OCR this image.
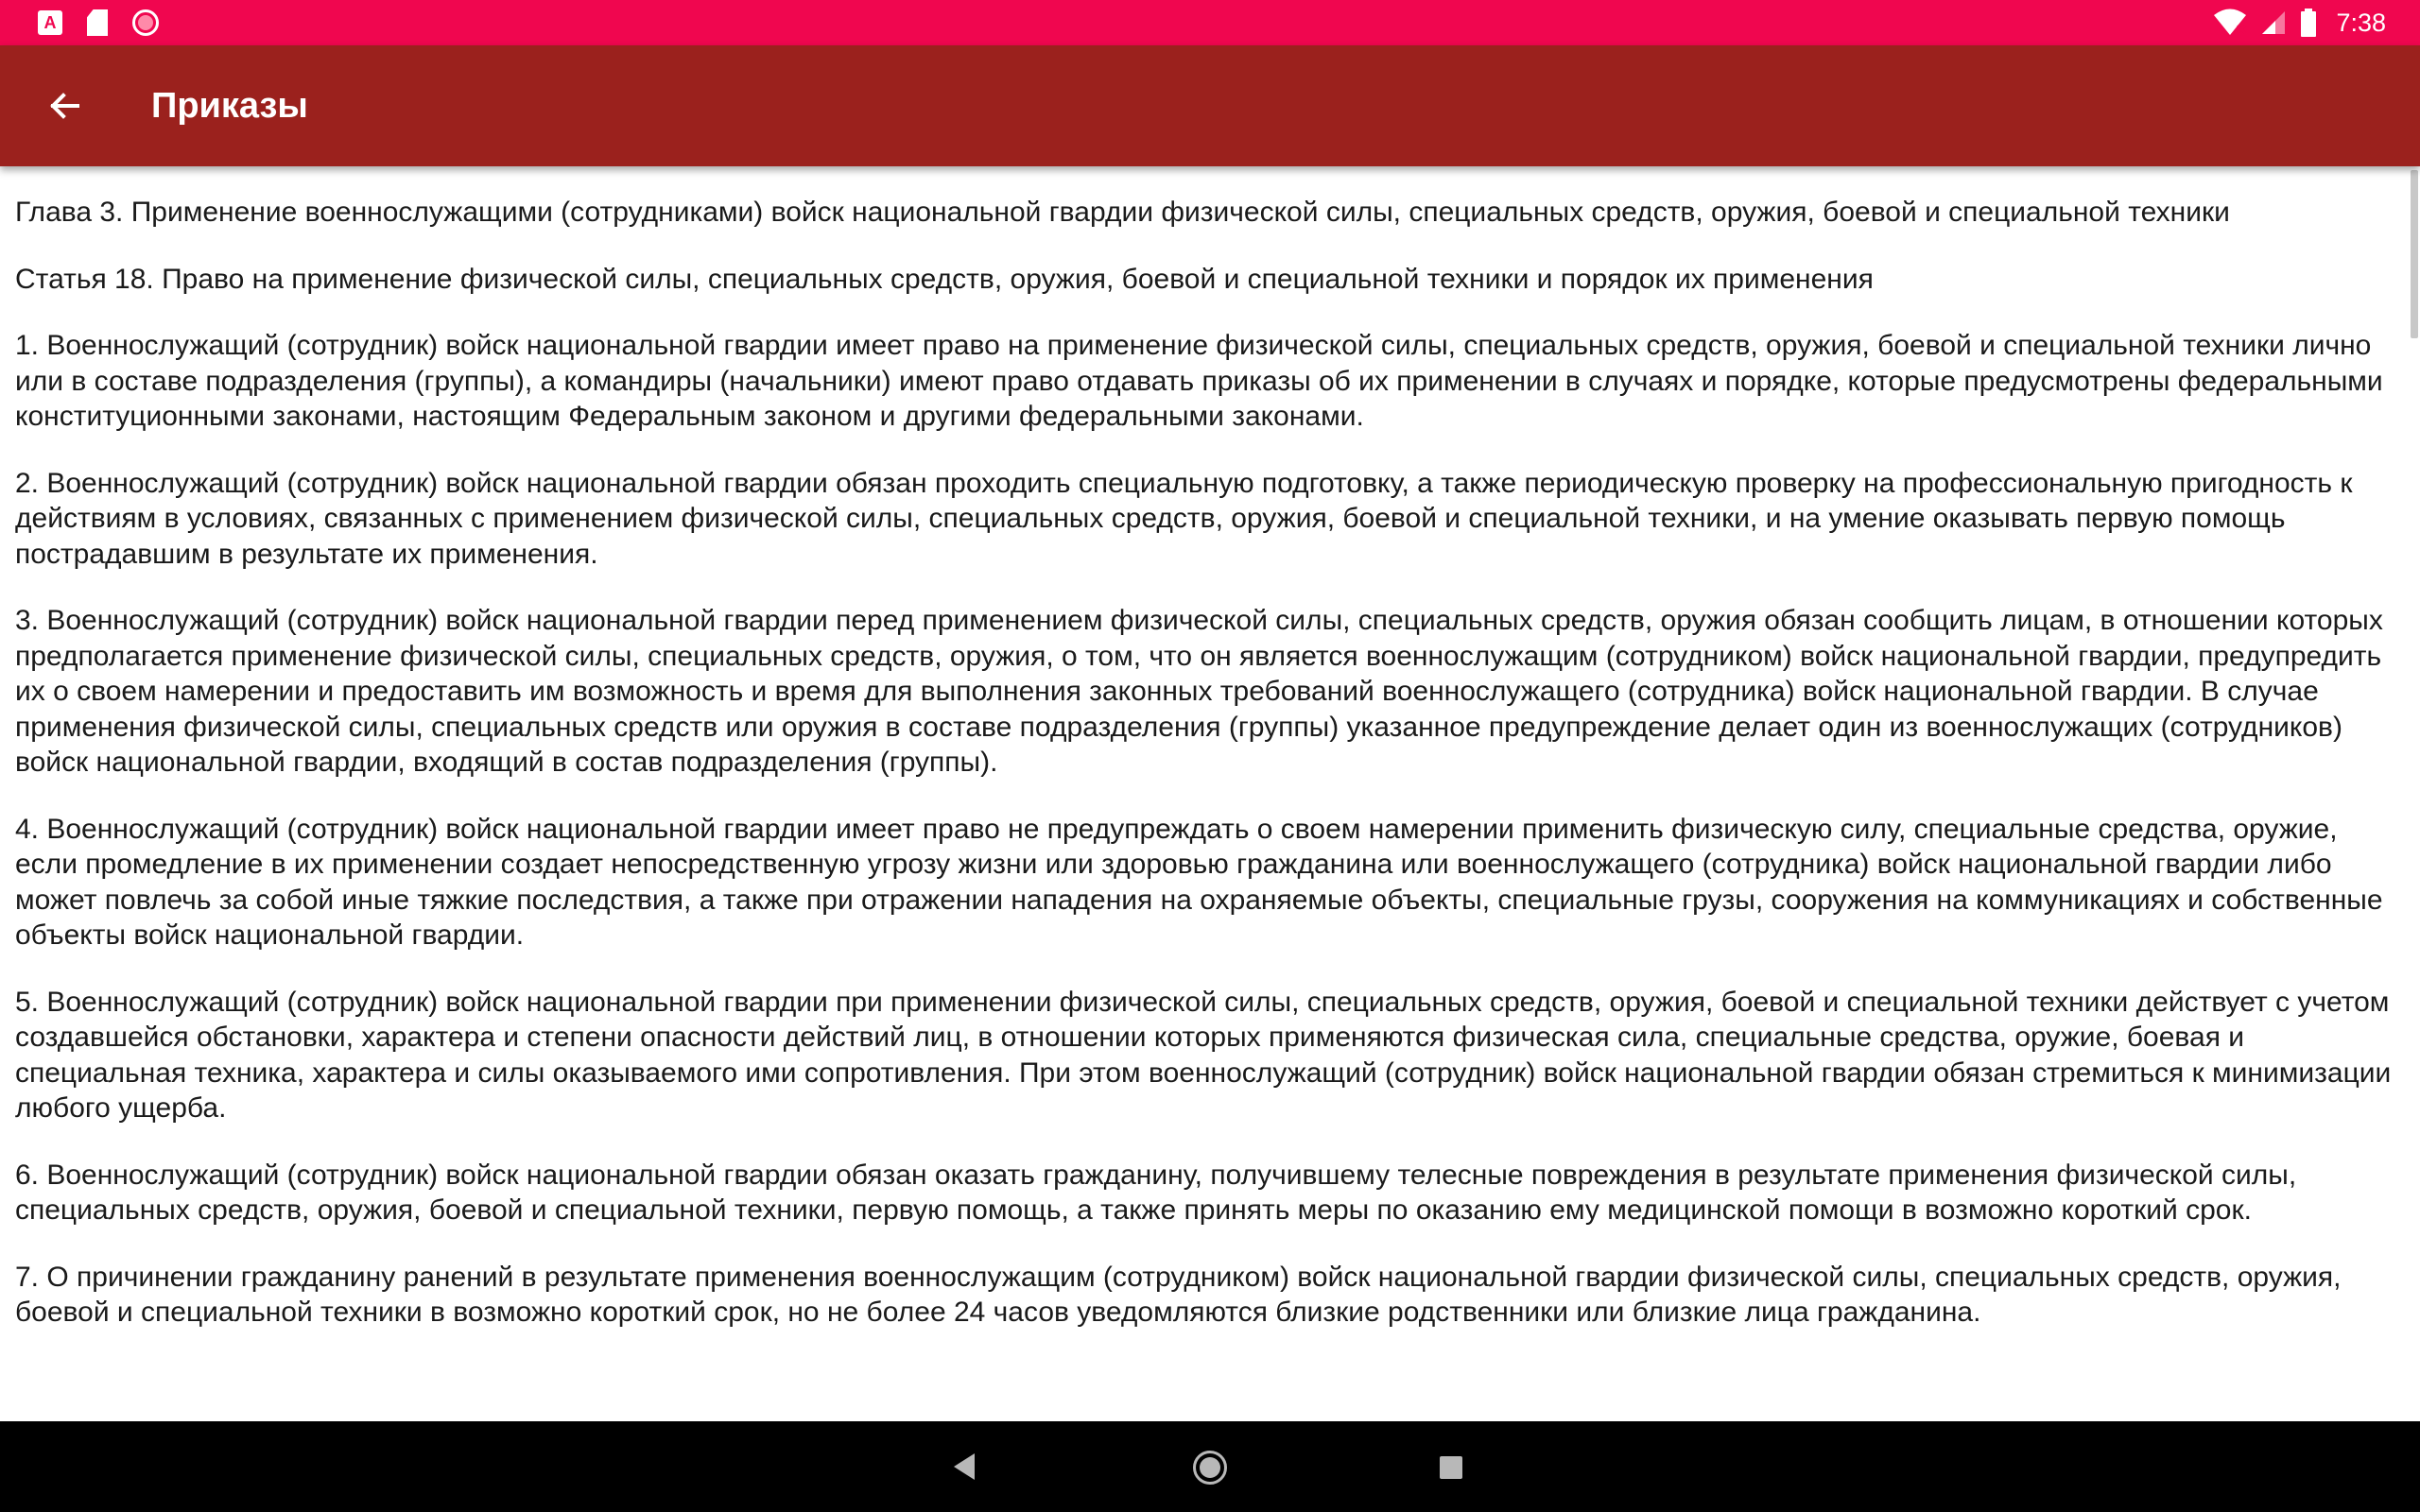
A	7:38
Приказы

Глава 3. Применение военнослужащими (сотрудниками) войск национальной гвардии физической силы, специальных средств, оружия, боевой и специальной техники

Статья 18. Право на применение физической силы, специальных средств, оружия, боевой и специальной техники и порядок их применения

1. Военнослужащий (сотрудник) войск национальной гвардии имеет право на применение физической силы, специальных средств, оружия, боевой и специальной техники лично или в составе подразделения (группы), а командиры (начальники) имеют право отдавать приказы об их применении в случаях и порядке, которые предусмотрены федеральными конституционными законами, настоящим Федеральным законом и другими федеральными законами.

2. Военнослужащий (сотрудник) войск национальной гвардии обязан проходить специальную подготовку, а также периодическую проверку на профессиональную пригодность к действиям в условиях, связанных с применением физической силы, специальных средств, оружия, боевой и специальной техники, и на умение оказывать первую помощь пострадавшим в результате их применения.

3. Военнослужащий (сотрудник) войск национальной гвардии перед применением физической силы, специальных средств, оружия обязан сообщить лицам, в отношении которых предполагается применение физической силы, специальных средств, оружия, о том, что он является военнослужащим (сотрудником) войск национальной гвардии, предупредить их о своем намерении и предоставить им возможность и время для выполнения законных требований военнослужащего (сотрудника) войск национальной гвардии. В случае применения физической силы, специальных средств или оружия в составе подразделения (группы) указанное предупреждение делает один из военнослужащих (сотрудников) войск национальной гвардии, входящий в состав подразделения (группы).

4. Военнослужащий (сотрудник) войск национальной гвардии имеет право не предупреждать о своем намерении применить физическую силу, специальные средства, оружие, если промедление в их применении создает непосредственную угрозу жизни или здоровью гражданина или военнослужащего (сотрудника) войск национальной гвардии либо может повлечь за собой иные тяжкие последствия, а также при отражении нападения на охраняемые объекты, специальные грузы, сооружения на коммуникациях и собственные объекты войск национальной гвардии.

5. Военнослужащий (сотрудник) войск национальной гвардии при применении физической силы, специальных средств, оружия, боевой и специальной техники действует с учетом создавшейся обстановки, характера и степени опасности действий лиц, в отношении которых применяются физическая сила, специальные средства, оружие, боевая и специальная техника, характера и силы оказываемого ими сопротивления. При этом военнослужащий (сотрудник) войск национальной гвардии обязан стремиться к минимизации любого ущерба.

6. Военнослужащий (сотрудник) войск национальной гвардии обязан оказать гражданину, получившему телесные повреждения в результате применения физической силы, специальных средств, оружия, боевой и специальной техники, первую помощь, а также принять меры по оказанию ему медицинской помощи в возможно короткий срок.

7. О причинении гражданину ранений в результате применения военнослужащим (сотрудником) войск национальной гвардии физической силы, специальных средств, оружия, боевой и специальной техники в возможно короткий срок, но не более 24 часов уведомляются близкие родственники или близкие лица гражданина.
